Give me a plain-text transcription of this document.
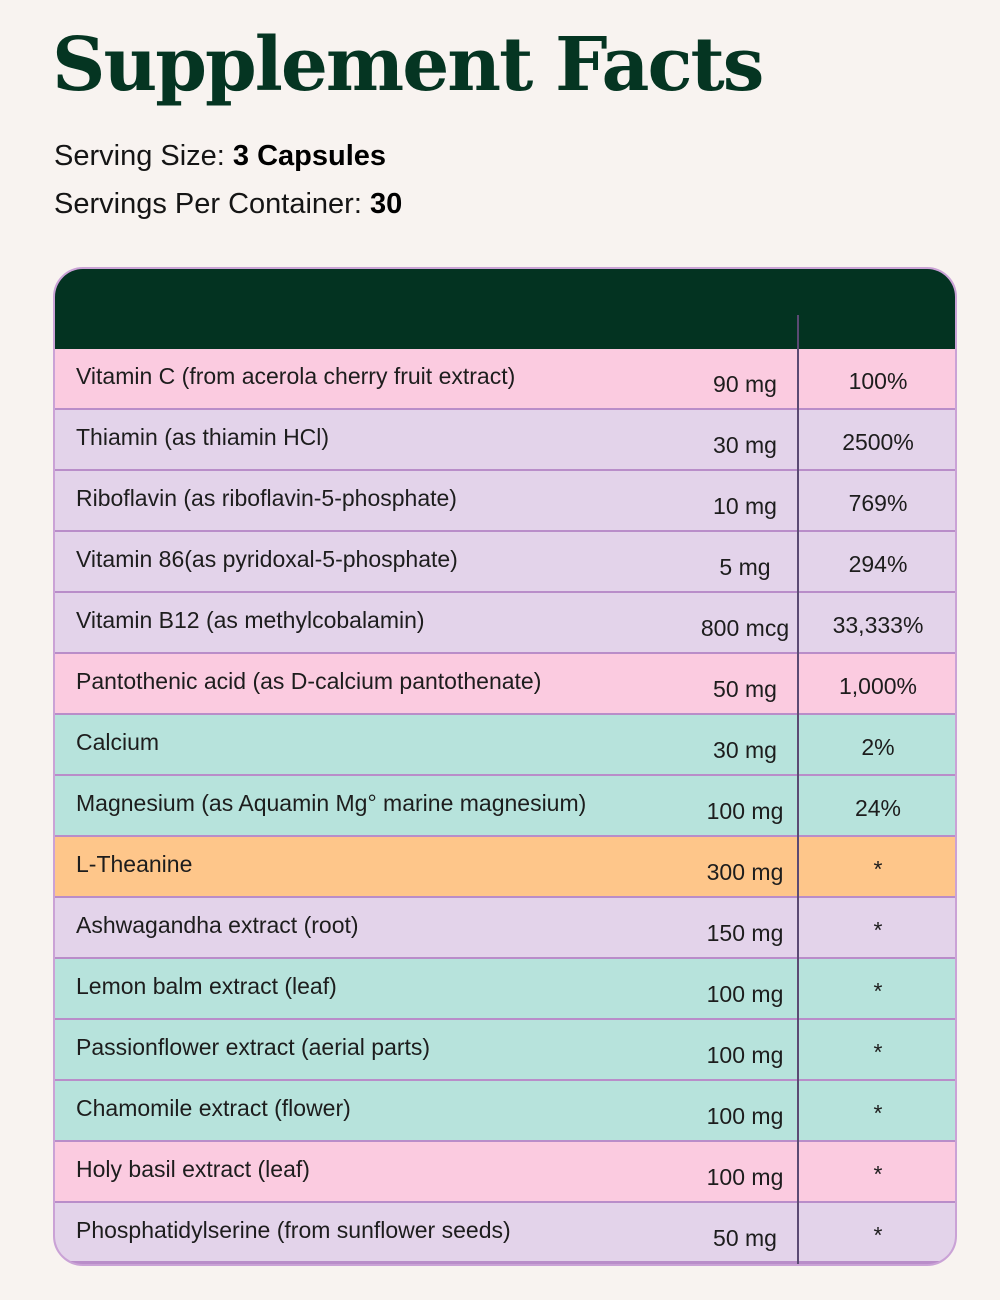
Supplement Facts
Serving Size: 3 Capsules
Servings Per Container: 30
Vitamin C (from acerola cherry fruit extract)	90 mg	100%
Thiamin (as thiamin HCl)	30 mg	2500%
Riboflavin (as riboflavin-5-phosphate)	10 mg	769%
Vitamin 86(as pyridoxal-5-phosphate)	5 mg	294%
Vitamin B12 (as methylcobalamin)	800 mcg	33,333%
Pantothenic acid (as D-calcium pantothenate)	50 mg	1,000%
Calcium	30 mg	2%
Magnesium (as Aquamin Mg° marine magnesium)	100 mg	24%
L-Theanine	300 mg	*
Ashwagandha extract (root)	150 mg	*
Lemon balm extract (leaf)	100 mg	*
Passionflower extract (aerial parts)	100 mg	*
Chamomile extract (flower)	100 mg	*
Holy basil extract (leaf)	100 mg	*
Phosphatidylserine (from sunflower seeds)	50 mg	*
